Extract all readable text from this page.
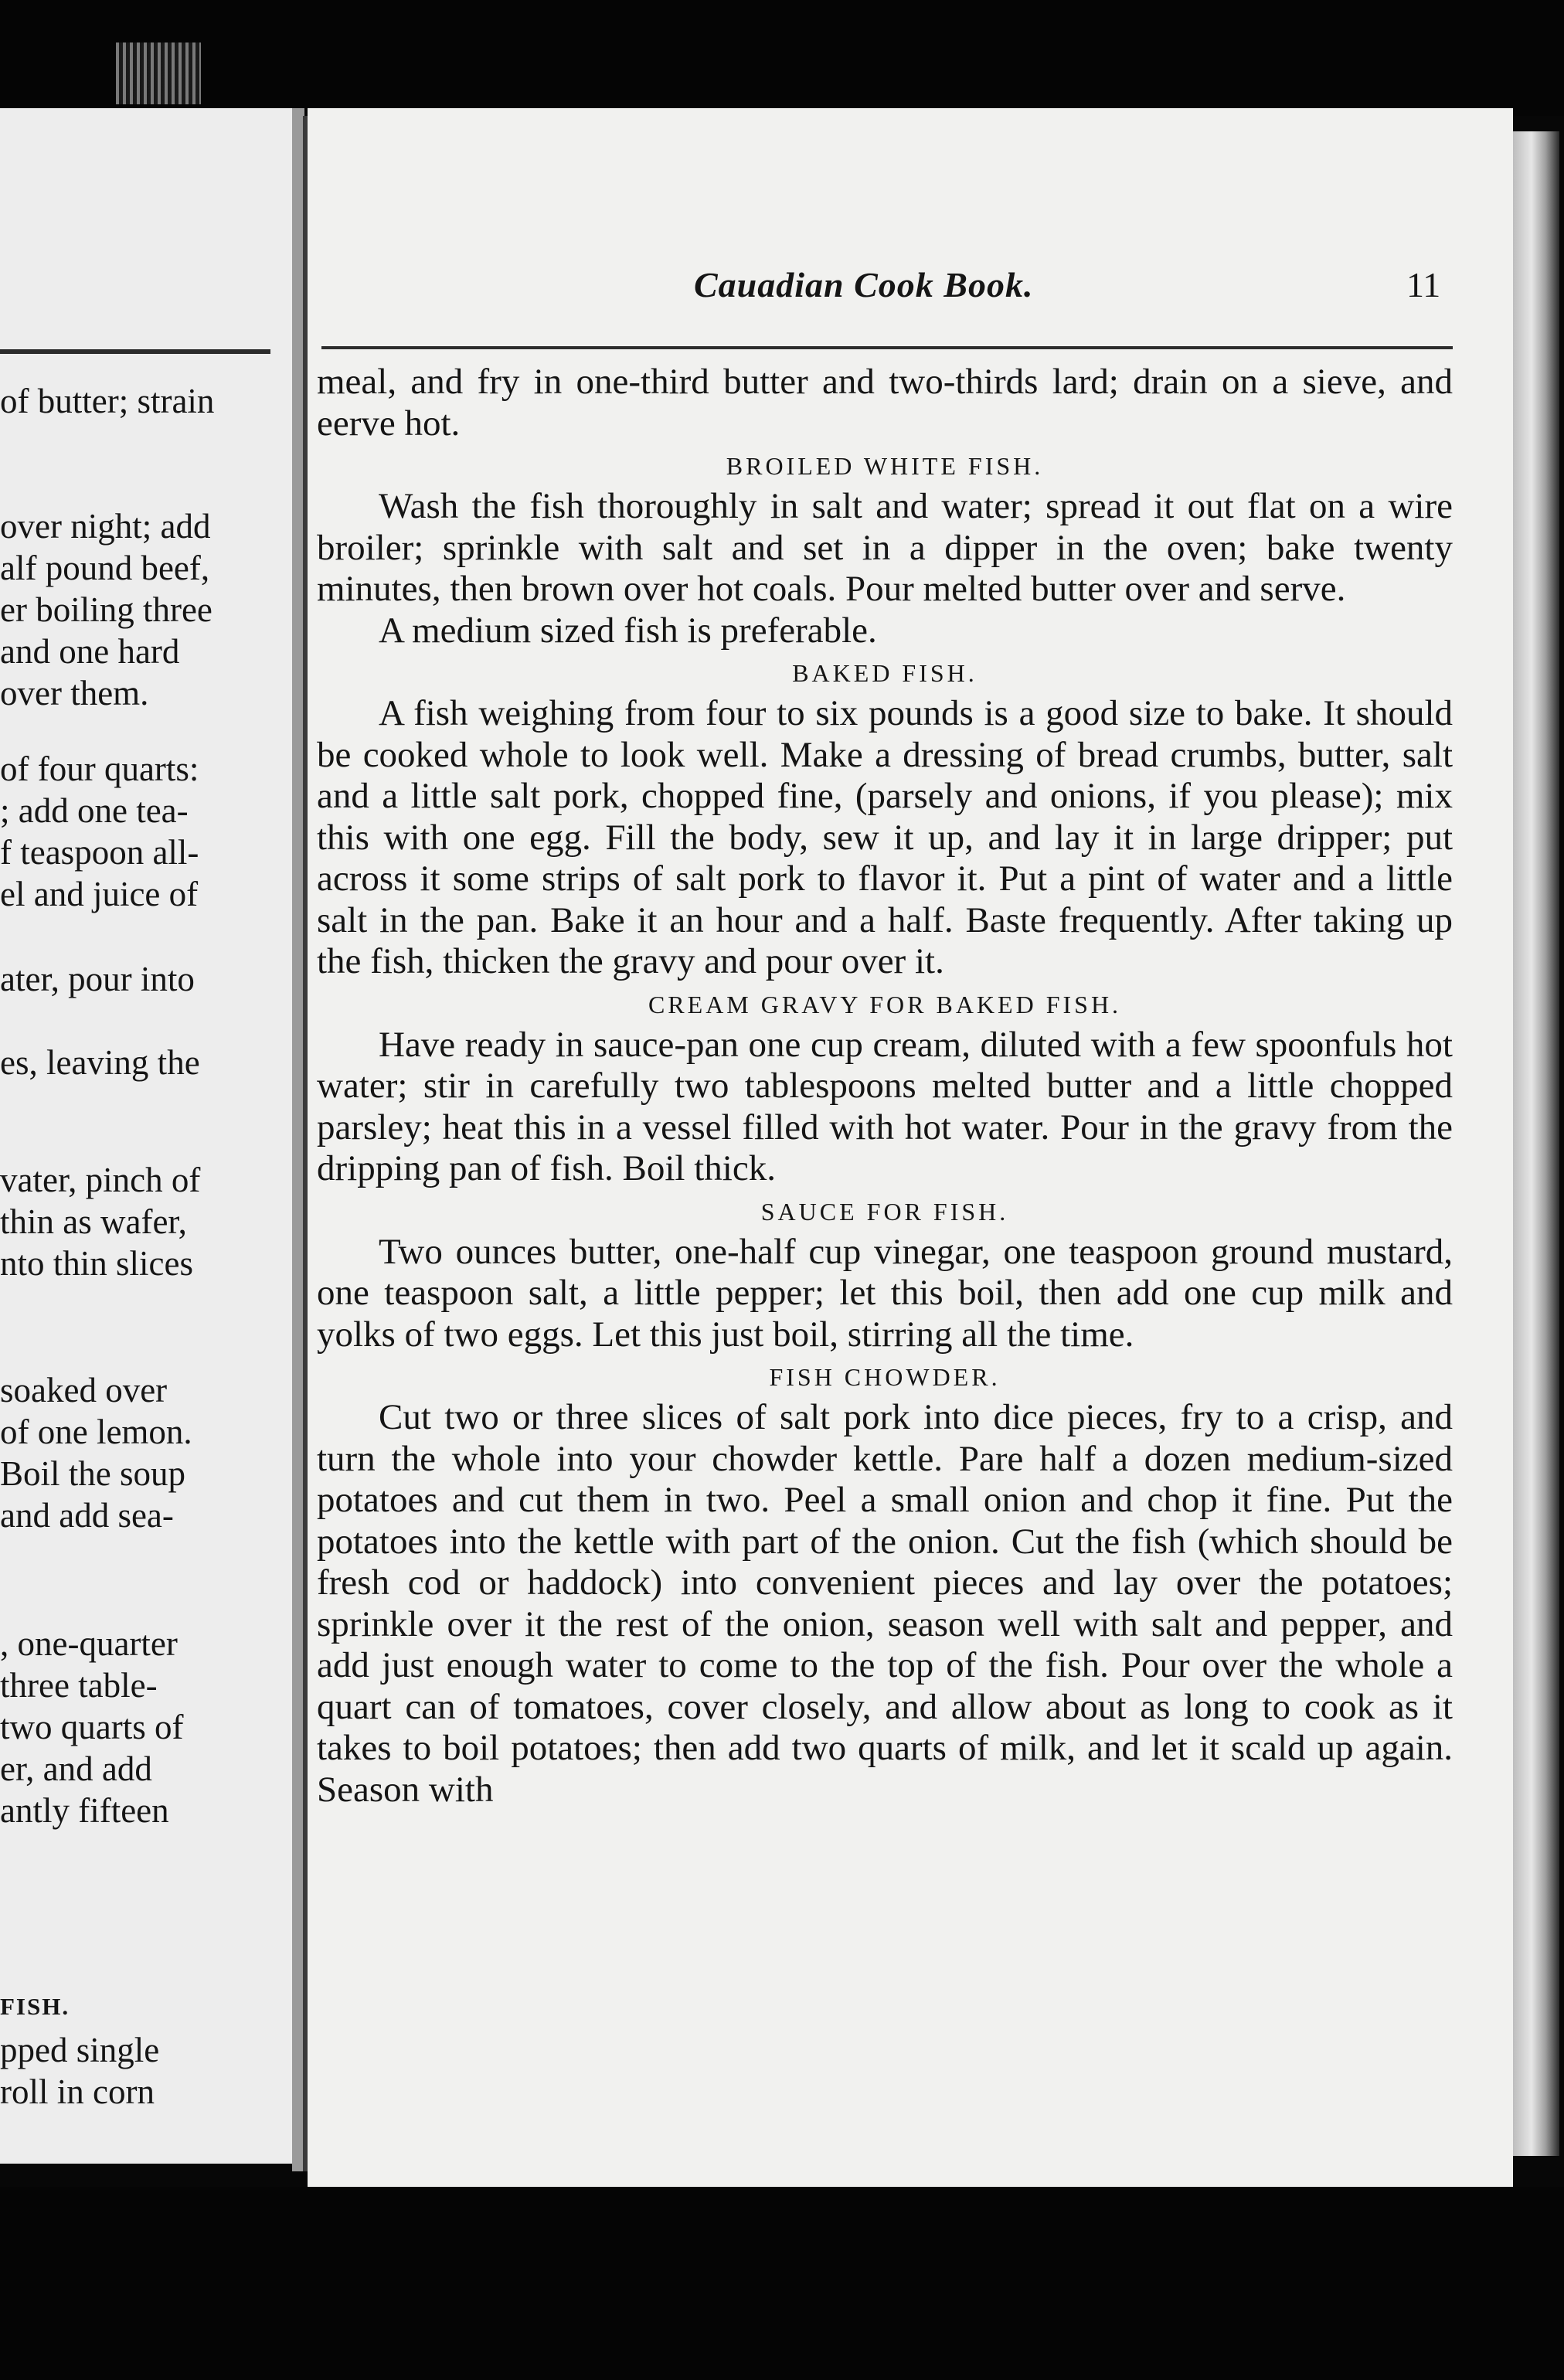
of butter; strain
over night; add
alf pound beef,
er boiling three
and one hard
over them.
of four quarts:
; add one tea-
f teaspoon all-
el and juice of
ater, pour into
es, leaving the
vater, pinch of
thin as wafer,
nto thin slices
soaked over
of one lemon.
Boil the soup
and add sea-
, one-quarter
three table-
two quarts of
er, and add
antly fifteen
FISH.
pped single
roll in corn
Cauadian Cook Book.	11

meal, and fry in one-third butter and two-thirds lard; drain on a sieve, and eerve hot.

BROILED WHITE FISH.

Wash the fish thoroughly in salt and water; spread it out flat on a wire broiler; sprinkle with salt and set in a dipper in the oven; bake twenty minutes, then brown over hot coals. Pour melted butter over and serve.

A medium sized fish is preferable.

BAKED FISH.

A fish weighing from four to six pounds is a good size to bake. It should be cooked whole to look well. Make a dressing of bread crumbs, butter, salt and a little salt pork, chopped fine, (parsely and onions, if you please); mix this with one egg. Fill the body, sew it up, and lay it in large dripper; put across it some strips of salt pork to flavor it. Put a pint of water and a little salt in the pan. Bake it an hour and a half. Baste frequently. After taking up the fish, thicken the gravy and pour over it.

CREAM GRAVY FOR BAKED FISH.

Have ready in sauce-pan one cup cream, diluted with a few spoonfuls hot water; stir in carefully two tablespoons melted butter and a little chopped parsley; heat this in a vessel filled with hot water. Pour in the gravy from the dripping pan of fish. Boil thick.

SAUCE FOR FISH.

Two ounces butter, one-half cup vinegar, one teaspoon ground mustard, one teaspoon salt, a little pepper; let this boil, then add one cup milk and yolks of two eggs. Let this just boil, stirring all the time.

FISH CHOWDER.

Cut two or three slices of salt pork into dice pieces, fry to a crisp, and turn the whole into your chowder kettle. Pare half a dozen medium-sized potatoes and cut them in two. Peel a small onion and chop it fine. Put the potatoes into the kettle with part of the onion. Cut the fish (which should be fresh cod or haddock) into convenient pieces and lay over the potatoes; sprinkle over it the rest of the onion, season well with salt and pepper, and add just enough water to come to the top of the fish. Pour over the whole a quart can of tomatoes, cover closely, and allow about as long to cook as it takes to boil potatoes; then add two quarts of milk, and let it scald up again. Season with
